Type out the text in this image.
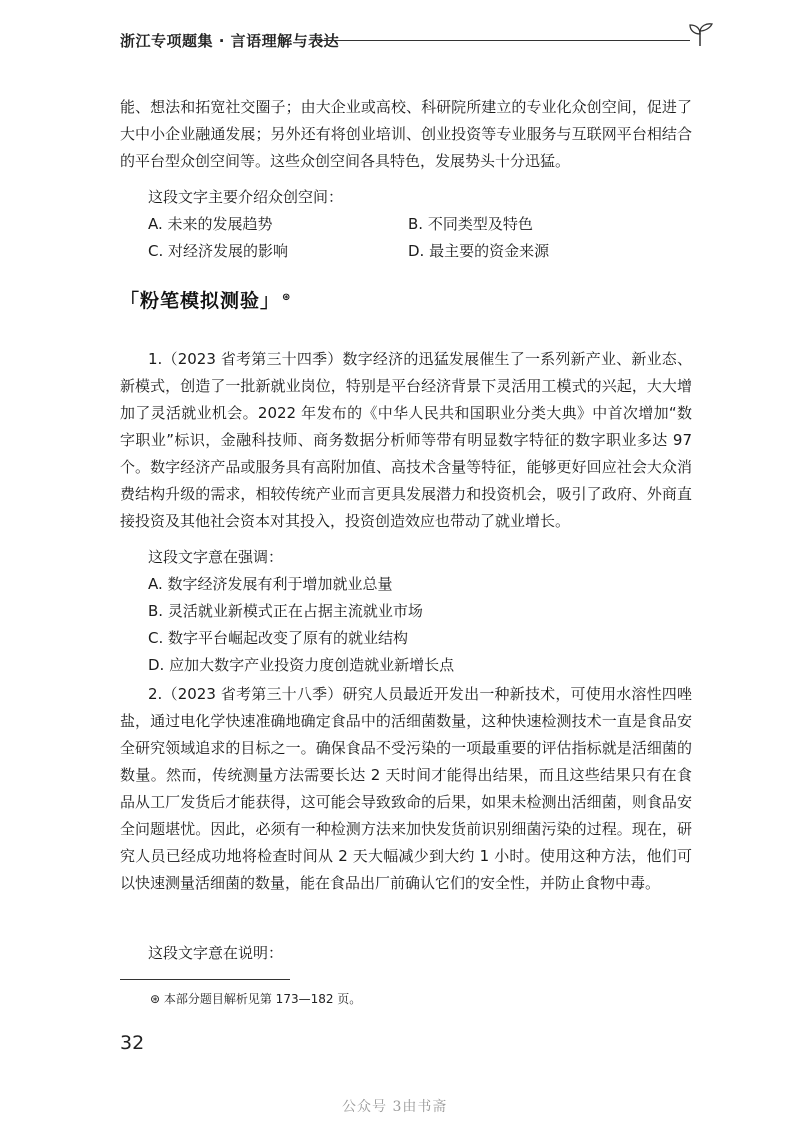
浙江专项题集 · 言语理解与表达

能、想法和拓宽社交圈子；由大企业或高校、科研院所建立的专业化众创空间，促进了大中小企业融通发展；另外还有将创业培训、创业投资等专业服务与互联网平台相结合的平台型众创空间等。这些众创空间各具特色，发展势头十分迅猛。

这段文字主要介绍众创空间：
A. 未来的发展趋势	B. 不同类型及特色
C. 对经济发展的影响	D. 最主要的资金来源
「粉笔模拟测验」 ⊛

1.（2023 省考第三十四季）数字经济的迅猛发展催生了一系列新产业、新业态、新模式，创造了一批新就业岗位，特别是平台经济背景下灵活用工模式的兴起，大大增加了灵活就业机会。2022 年发布的《中华人民共和国职业分类大典》中首次增加“数字职业”标识，金融科技师、商务数据分析师等带有明显数字特征的数字职业多达 97 个。数字经济产品或服务具有高附加值、高技术含量等特征，能够更好回应社会大众消费结构升级的需求，相较传统产业而言更具发展潜力和投资机会，吸引了政府、外商直接投资及其他社会资本对其投入，投资创造效应也带动了就业增长。

这段文字意在强调：
A. 数字经济发展有利于增加就业总量
B. 灵活就业新模式正在占据主流就业市场
C. 数字平台崛起改变了原有的就业结构
D. 应加大数字产业投资力度创造就业新增长点

2.（2023 省考第三十八季）研究人员最近开发出一种新技术，可使用水溶性四唑盐，通过电化学快速准确地确定食品中的活细菌数量，这种快速检测技术一直是食品安全研究领域追求的目标之一。确保食品不受污染的一项最重要的评估指标就是活细菌的数量。然而，传统测量方法需要长达 2 天时间才能得出结果，而且这些结果只有在食品从工厂发货后才能获得，这可能会导致致命的后果，如果未检测出活细菌，则食品安全问题堪忧。因此，必须有一种检测方法来加快发货前识别细菌污染的过程。现在，研究人员已经成功地将检查时间从 2 天大幅减少到大约 1 小时。使用这种方法，他们可以快速测量活细菌的数量，能在食品出厂前确认它们的安全性，并防止食物中毒。

这段文字意在说明：
⊛ 本部分题目解析见第 173—182 页。
32
公众号 3由书斋
